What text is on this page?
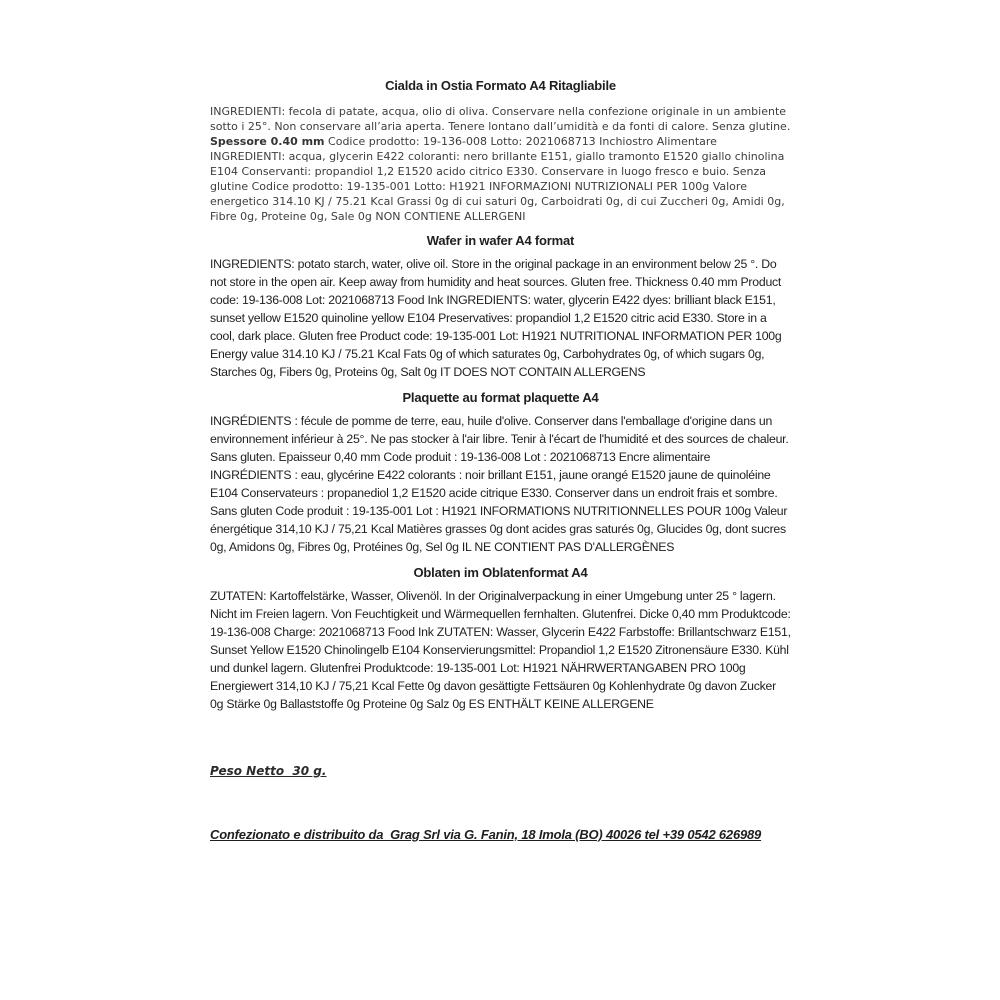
Cialda in Ostia Formato A4 Ritagliabile

INGREDIENTI: fecola di patate, acqua, olio di oliva. Conservare nella confezione originale in un ambiente sotto i 25°. Non conservare all’aria aperta. Tenere lontano dall’umidità e da fonti di calore. Senza glutine. Spessore 0.40 mm Codice prodotto: 19-136-008 Lotto: 2021068713 Inchiostro Alimentare INGREDIENTI: acqua, glycerin E422 coloranti: nero brillante E151, giallo tramonto E1520 giallo chinolina E104 Conservanti: propandiol 1,2 E1520 acido citrico E330. Conservare in luogo fresco e buio. Senza glutine Codice prodotto: 19-135-001 Lotto: H1921 INFORMAZIONI NUTRIZIONALI PER 100g Valore energetico 314.10 KJ / 75.21 Kcal Grassi 0g di cui saturi 0g, Carboidrati 0g, di cui Zuccheri 0g, Amidi 0g, Fibre 0g, Proteine 0g, Sale 0g NON CONTIENE ALLERGENI

Wafer in wafer A4 format

INGREDIENTS: potato starch, water, olive oil. Store in the original package in an environment below 25 °. Do not store in the open air. Keep away from humidity and heat sources. Gluten free. Thickness 0.40 mm Product code: 19-136-008 Lot: 2021068713 Food Ink INGREDIENTS: water, glycerin E422 dyes: brilliant black E151, sunset yellow E1520 quinoline yellow E104 Preservatives: propandiol 1,2 E1520 citric acid E330. Store in a cool, dark place. Gluten free Product code: 19-135-001 Lot: H1921 NUTRITIONAL INFORMATION PER 100g Energy value 314.10 KJ / 75.21 Kcal Fats 0g of which saturates 0g, Carbohydrates 0g, of which sugars 0g, Starches 0g, Fibers 0g, Proteins 0g, Salt 0g IT DOES NOT CONTAIN ALLERGENS

Plaquette au format plaquette A4

INGRÉDIENTS : fécule de pomme de terre, eau, huile d'olive. Conserver dans l'emballage d'origine dans un environnement inférieur à 25°. Ne pas stocker à l'air libre. Tenir à l'écart de l'humidité et des sources de chaleur. Sans gluten. Epaisseur 0,40 mm Code produit : 19-136-008 Lot : 2021068713 Encre alimentaire INGRÉDIENTS : eau, glycérine E422 colorants : noir brillant E151, jaune orangé E1520 jaune de quinoléine E104 Conservateurs : propanediol 1,2 E1520 acide citrique E330. Conserver dans un endroit frais et sombre. Sans gluten Code produit : 19-135-001 Lot : H1921 INFORMATIONS NUTRITIONNELLES POUR 100g Valeur énergétique 314,10 KJ / 75,21 Kcal Matières grasses 0g dont acides gras saturés 0g, Glucides 0g, dont sucres 0g, Amidons 0g, Fibres 0g, Protéines 0g, Sel 0g IL NE CONTIENT PAS D'ALLERGÈNES

Oblaten im Oblatenformat A4

ZUTATEN: Kartoffelstärke, Wasser, Olivenöl. In der Originalverpackung in einer Umgebung unter 25 ° lagern. Nicht im Freien lagern. Von Feuchtigkeit und Wärmequellen fernhalten. Glutenfrei. Dicke 0,40 mm Produktcode: 19-136-008 Charge: 2021068713 Food Ink ZUTATEN: Wasser, Glycerin E422 Farbstoffe: Brillantschwarz E151, Sunset Yellow E1520 Chinolingelb E104 Konservierungsmittel: Propandiol 1,2 E1520 Zitronensäure E330. Kühl und dunkel lagern. Glutenfrei Produktcode: 19-135-001 Lot: H1921 NÄHRWERTANGABEN PRO 100g Energiewert 314,10 KJ / 75,21 Kcal Fette 0g davon gesättigte Fettsäuren 0g Kohlenhydrate 0g davon Zucker 0g Stärke 0g Ballaststoffe 0g Proteine 0g Salz 0g ES ENTHÄLT KEINE ALLERGENE

Peso Netto  30 g.
Confezionato e distribuito da  Grag Srl via G. Fanin, 18 Imola (BO) 40026 tel +39 0542 626989
